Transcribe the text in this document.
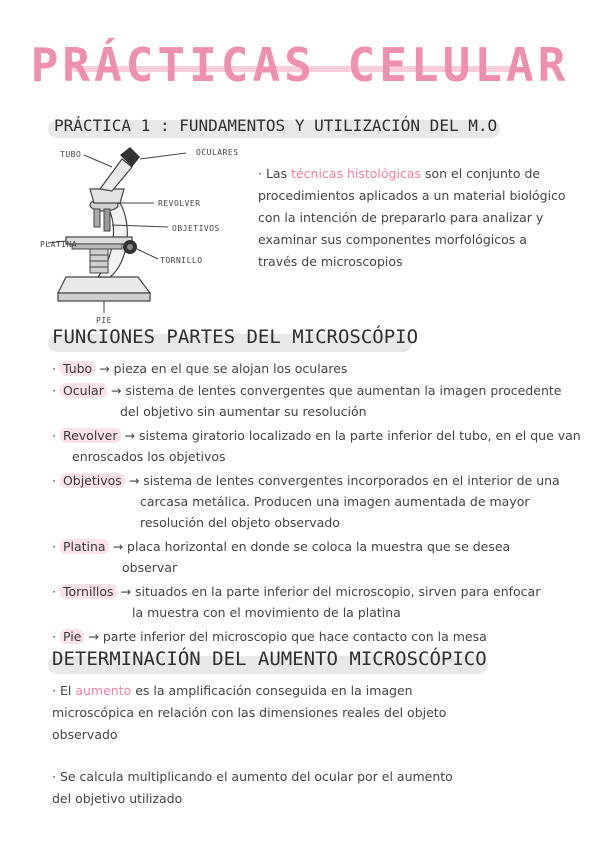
PRÁCTICAS CELULAR
PRÁCTICA 1 : FUNDAMENTOS Y UTILIZACIÓN DEL M.O
TUBO	OCULARES
REVOLVER
OBJETIVOS
PLATINA
TORNILLO
PIE
· Las técnicas histológicas son el conjunto de
procedimientos aplicados a un material biológico
con la intención de prepararlo para analizar y
examinar sus componentes morfológicos a
través de microscopios
FUNCIONES PARTES DEL MICROSCÓPIO
· Tubo → pieza en el que se alojan los oculares
· Ocular → sistema de lentes convergentes que aumentan la imagen procedente
del objetivo sin aumentar su resolución
· Revolver → sistema giratorio localizado en la parte inferior del tubo, en el que van
enroscados los objetivos
· Objetivos → sistema de lentes convergentes incorporados en el interior de una
carcasa metálica. Producen una imagen aumentada de mayor
resolución del objeto observado
· Platina → placa horizontal en donde se coloca la muestra que se desea
observar
· Tornillos → situados en la parte inferior del microscopio, sirven para enfocar
la muestra con el movimiento de la platina
· Pie → parte inferior del microscopio que hace contacto con la mesa
DETERMINACIÓN DEL AUMENTO MICROSCÓPICO
· El aumento es la amplificación conseguida en la imagen
microscópica en relación con las dimensiones reales del objeto
observado
· Se calcula multiplicando el aumento del ocular por el aumento
del objetivo utilizado
